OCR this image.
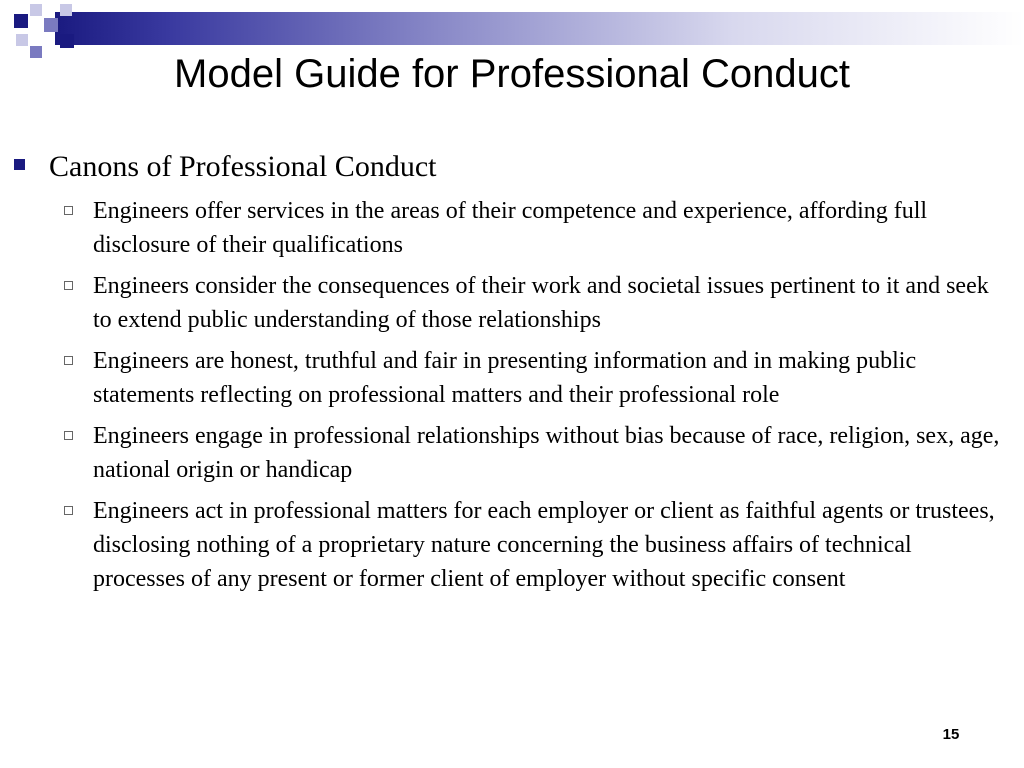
Model Guide for Professional Conduct
Canons of Professional Conduct
Engineers offer services in the areas of their competence and experience, affording full disclosure of their qualifications
Engineers consider the consequences of their work and societal issues pertinent to it and seek to extend public understanding of those relationships
Engineers are honest, truthful and fair in presenting information and in making public statements reflecting on professional matters and their professional role
Engineers engage in professional relationships without bias because of race, religion, sex, age, national origin or handicap
Engineers act in professional matters for each employer or client as faithful agents or trustees, disclosing nothing of a proprietary nature concerning the business affairs of technical processes of any present or former client of employer without specific consent
15
